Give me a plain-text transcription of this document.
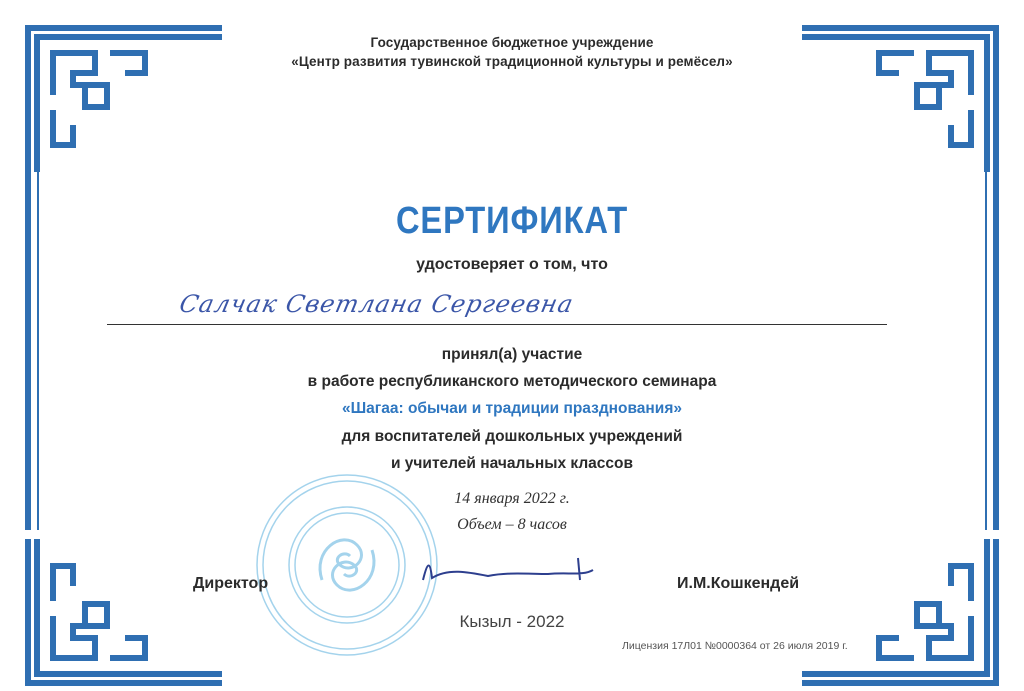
Государственное бюджетное учреждение
«Центр развития тувинской традиционной культуры и ремёсел»
СЕРТИФИКАТ
удостоверяет о том, что
Салчак Светлана Сергеевна
принял(а) участие
в работе республиканского методического семинара
«Шагаа: обычаи и традиции празднования»
для воспитателей дошкольных учреждений
и учителей начальных классов
14 января 2022 г.
Объем – 8 часов
Директор	И.М.Кошкендей
Кызыл - 2022
Лицензия 17Л01 №0000364 от 26 июля 2019 г.
